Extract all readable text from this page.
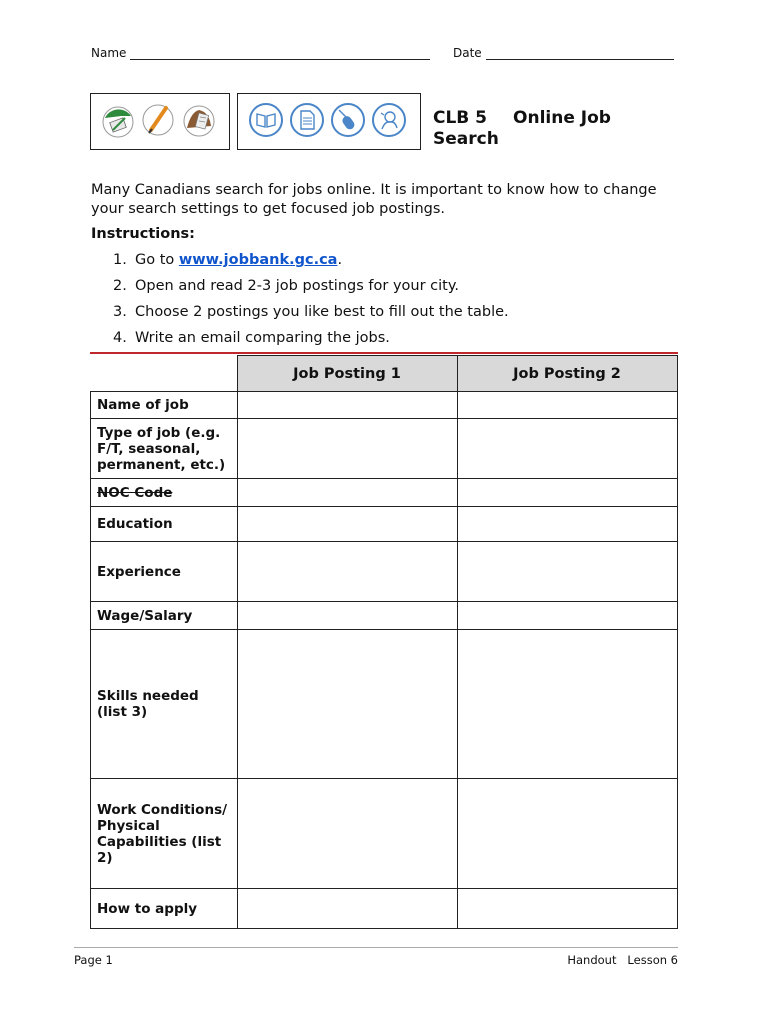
Name	Date
CLB 5 Online Job
Search
Many Canadians search for jobs online. It is important to know how to change your search settings to get focused job postings.
Instructions:
1. Go to www.jobbank.gc.ca.
2. Open and read 2-3 job postings for your city.
3. Choose 2 postings you like best to fill out the table.
4. Write an email comparing the jobs.
	Job Posting 1	Job Posting 2
Name of job		
Type of job (e.g. F/T, seasonal, permanent, etc.)		
NOC Code		
Education		
Experience		
Wage/Salary		
Skills needed (list 3)		
Work Conditions/ Physical Capabilities (list 2)		
How to apply		
Page 1	Handout   Lesson 6
